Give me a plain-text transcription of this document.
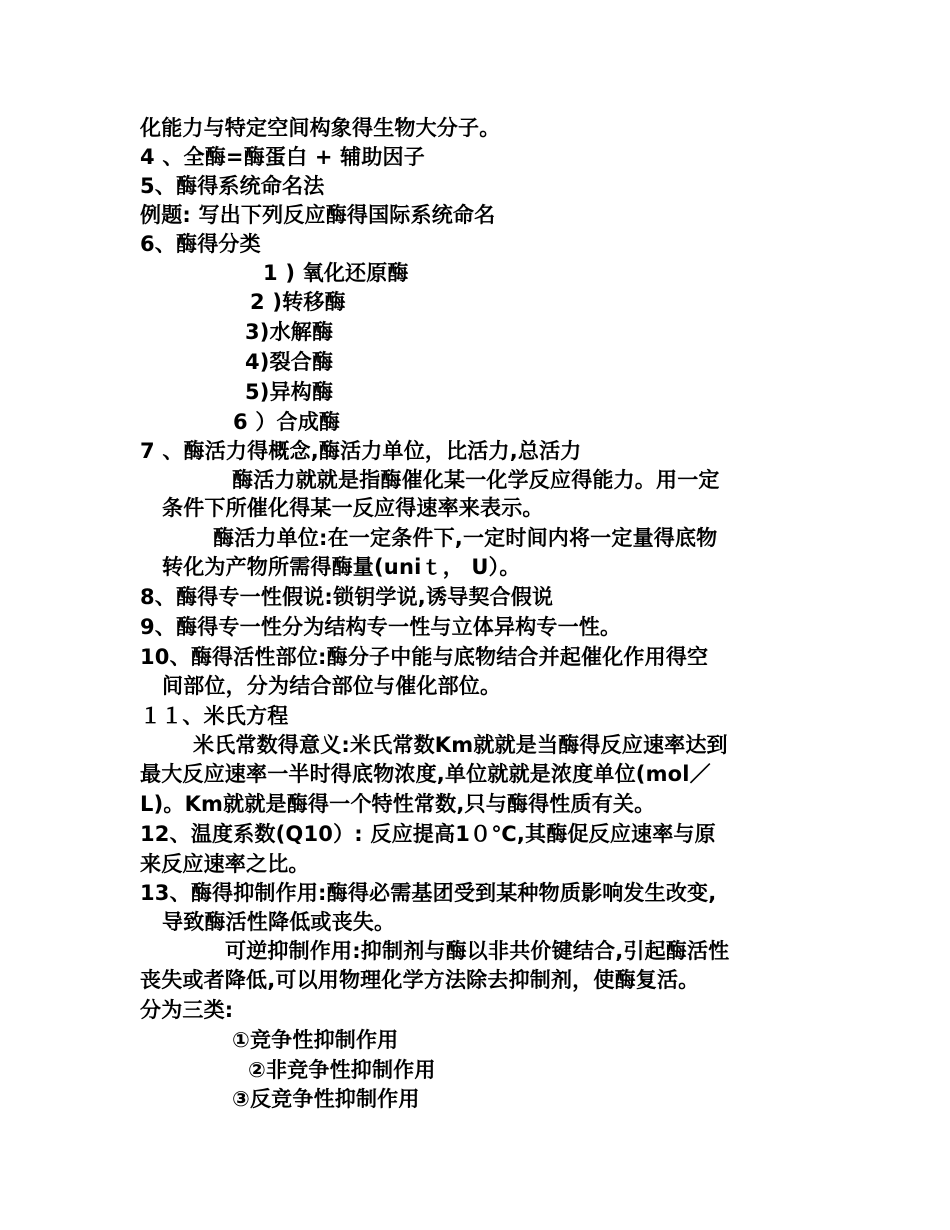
化能力与特定空间构象得生物大分子。
4 、全酶=酶蛋白 + 辅助因子
5、酶得系统命名法
例题: 写出下列反应酶得国际系统命名
6、酶得分类
1 ) 氧化还原酶
2 )转移酶
3)水解酶
4)裂合酶
5)异构酶
6 ）合成酶
7 、酶活力得概念,酶活力单位，比活力,总活力
酶活力就就是指酶催化某一化学反应得能力。用一定
条件下所催化得某一反应得速率来表示。
酶活力单位:在一定条件下,一定时间内将一定量得底物
转化为产物所需得酶量(uniｔ， U）。
8、酶得专一性假说:锁钥学说,诱导契合假说
9、酶得专一性分为结构专一性与立体异构专一性。
10、酶得活性部位:酶分子中能与底物结合并起催化作用得空
间部位，分为结合部位与催化部位。
１１、米氏方程
米氏常数得意义:米氏常数Km就就是当酶得反应速率达到
最大反应速率一半时得底物浓度,单位就就是浓度单位(mol／
L)。Km就就是酶得一个特性常数,只与酶得性质有关。
12、温度系数(Q10）: 反应提高1０℃,其酶促反应速率与原
来反应速率之比。
13、酶得抑制作用:酶得必需基团受到某种物质影响发生改变,
导致酶活性降低或丧失。
可逆抑制作用:抑制剂与酶以非共价键结合,引起酶活性
丧失或者降低,可以用物理化学方法除去抑制剂，使酶复活。
分为三类:
①竞争性抑制作用
②非竞争性抑制作用
③反竞争性抑制作用
